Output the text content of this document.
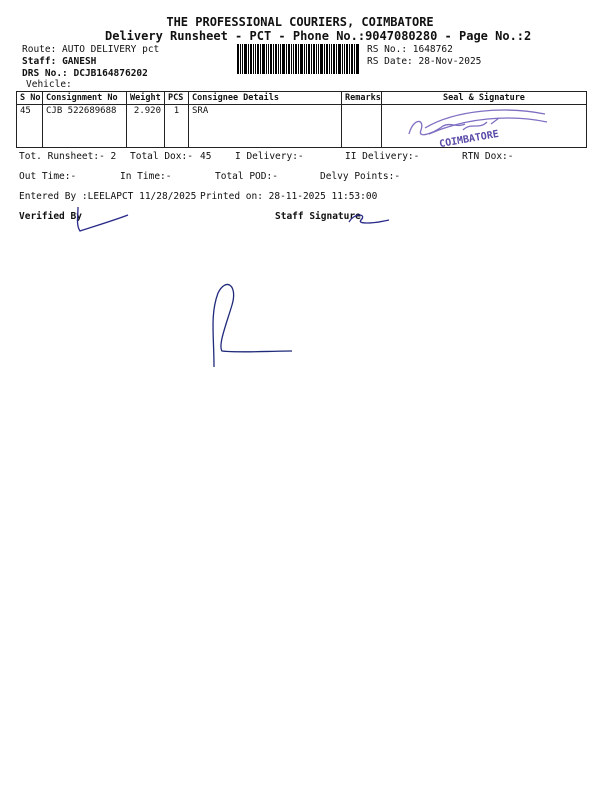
THE PROFESSIONAL COURIERS, COIMBATORE
Delivery Runsheet - PCT - Phone No.:9047080280 - Page No.:2
Route: AUTO DELIVERY pct
Staff: GANESH
DRS No.: DCJB164876202
Vehicle:
RS No.: 1648762
RS Date: 28-Nov-2025
S No	Consignment No	Weight	PCS	Consignee Details	Remarks	Seal & Signature
45	CJB 522689688	2.920	1	SRA		
COIMBATORE
Tot. Runsheet:- 2 Total Dox:- 45 I Delivery:-	II Delivery:-	RTN Dox:-
Out Time:-	In Time:-	Total POD:-	Delvy Points:-
Entered By :LEELAPCT 11/28/2025 Printed on: 28-11-2025 11:53:00
Verified By	Staff Signature
